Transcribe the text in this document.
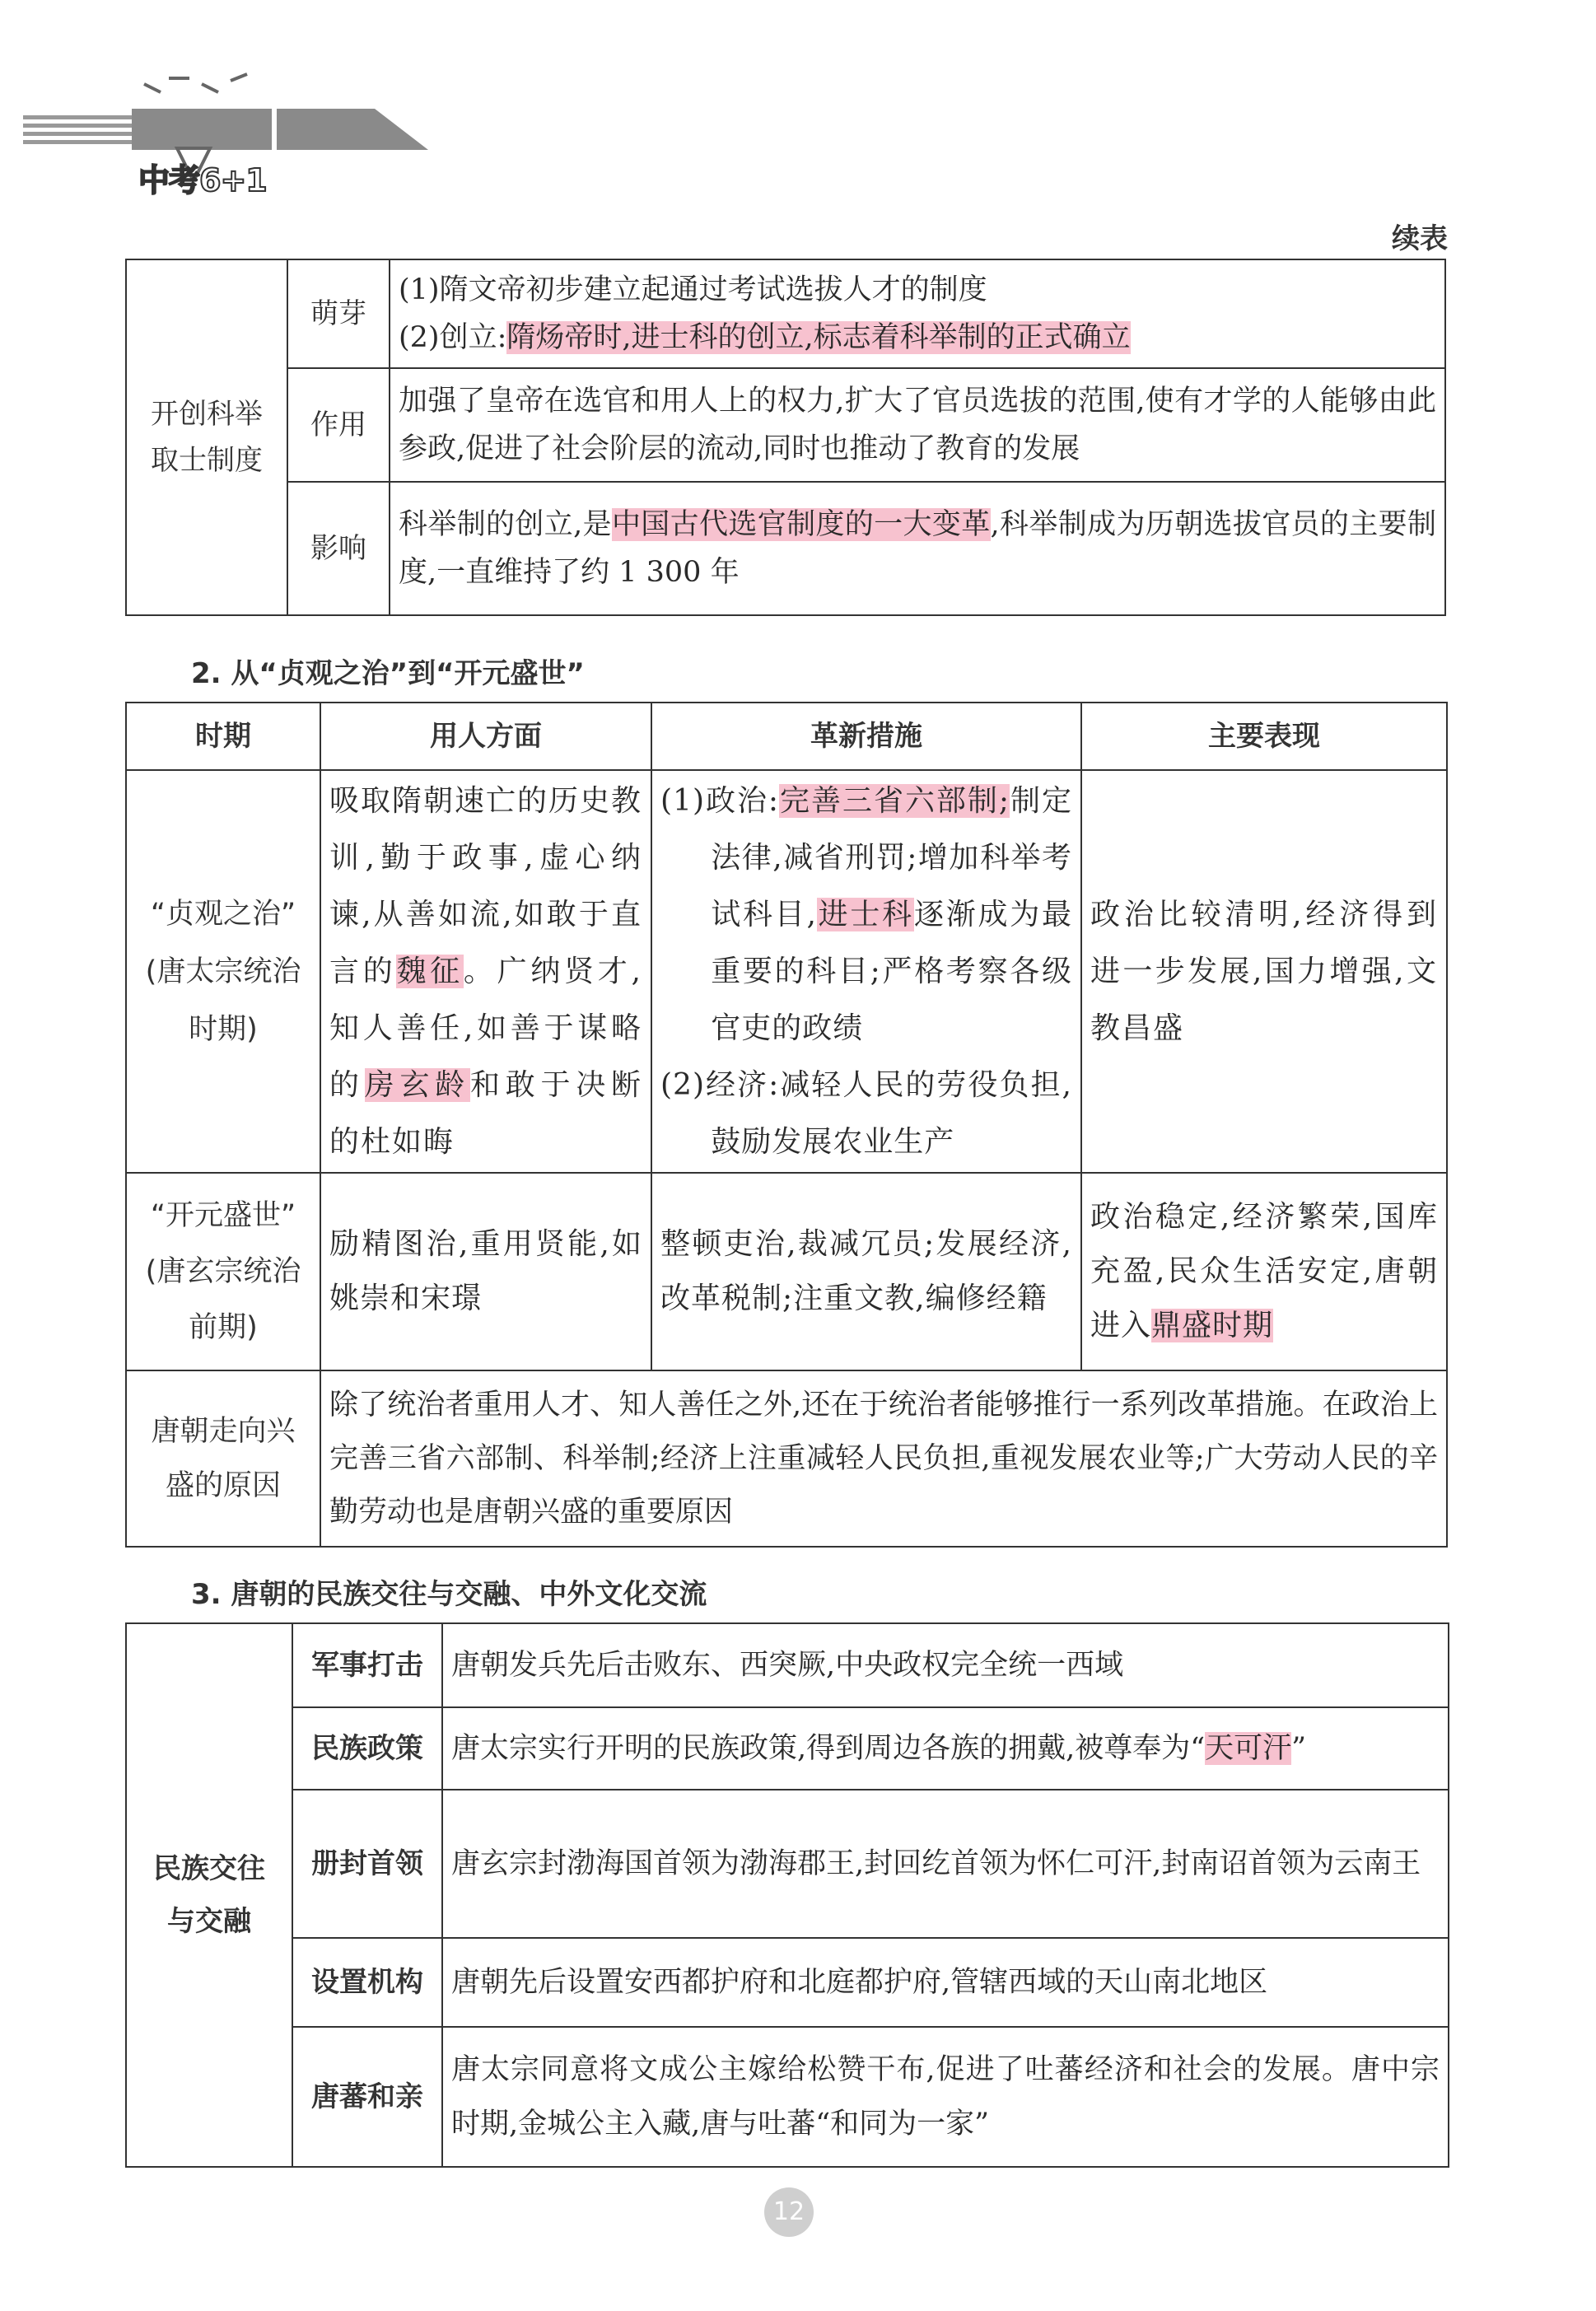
中考6+1 历史
续表
开创科举取士制度	萌芽	(1)隋文帝初步建立起通过考试选拔人才的制度
(2)创立:隋炀帝时,进士科的创立,标志着科举制的正式确立
	作用	加强了皇帝在选官和用人上的权力,扩大了官员选拔的范围,使有才学的人能够由此参政,促进了社会阶层的流动,同时也推动了教育的发展
	影响	科举制的创立,是中国古代选官制度的一大变革,科举制成为历朝选拔官员的主要制度,一直维持了约 1 300 年
2. 从“贞观之治”到“开元盛世”
时期	用人方面	革新措施	主要表现
“贞观之治”
(唐太宗统治时期)	吸取隋朝速亡的历史教训,勤于政事,虚心纳谏,从善如流,如敢于直言的魏征。广纳贤才,知人善任,如善于谋略的房玄龄和敢于决断的杜如晦	(1)政治:完善三省六部制;制定法律,减省刑罚;增加科举考试科目,进士科逐渐成为最重要的科目;严格考察各级官吏的政绩
(2)经济:减轻人民的劳役负担,鼓励发展农业生产	政治比较清明,经济得到进一步发展,国力增强,文教昌盛
“开元盛世”
(唐玄宗统治前期)	励精图治,重用贤能,如姚崇和宋璟	整顿吏治,裁减冗员;发展经济,改革税制;注重文教,编修经籍	政治稳定,经济繁荣,国库充盈,民众生活安定,唐朝进入鼎盛时期
唐朝走向兴盛的原因	除了统治者重用人才、知人善任之外,还在于统治者能够推行一系列改革措施。在政治上完善三省六部制、科举制;经济上注重减轻人民负担,重视发展农业等;广大劳动人民的辛勤劳动也是唐朝兴盛的重要原因		
3. 唐朝的民族交往与交融、中外文化交流
民族交往与交融	军事打击	唐朝发兵先后击败东、西突厥,中央政权完全统一西域
	民族政策	唐太宗实行开明的民族政策,得到周边各族的拥戴,被尊奉为“天可汗”
	册封首领	唐玄宗封渤海国首领为渤海郡王,封回纥首领为怀仁可汗,封南诏首领为云南王
	设置机构	唐朝先后设置安西都护府和北庭都护府,管辖西域的天山南北地区
	唐蕃和亲	唐太宗同意将文成公主嫁给松赞干布,促进了吐蕃经济和社会的发展。唐中宗时期,金城公主入藏,唐与吐蕃“和同为一家”
12
